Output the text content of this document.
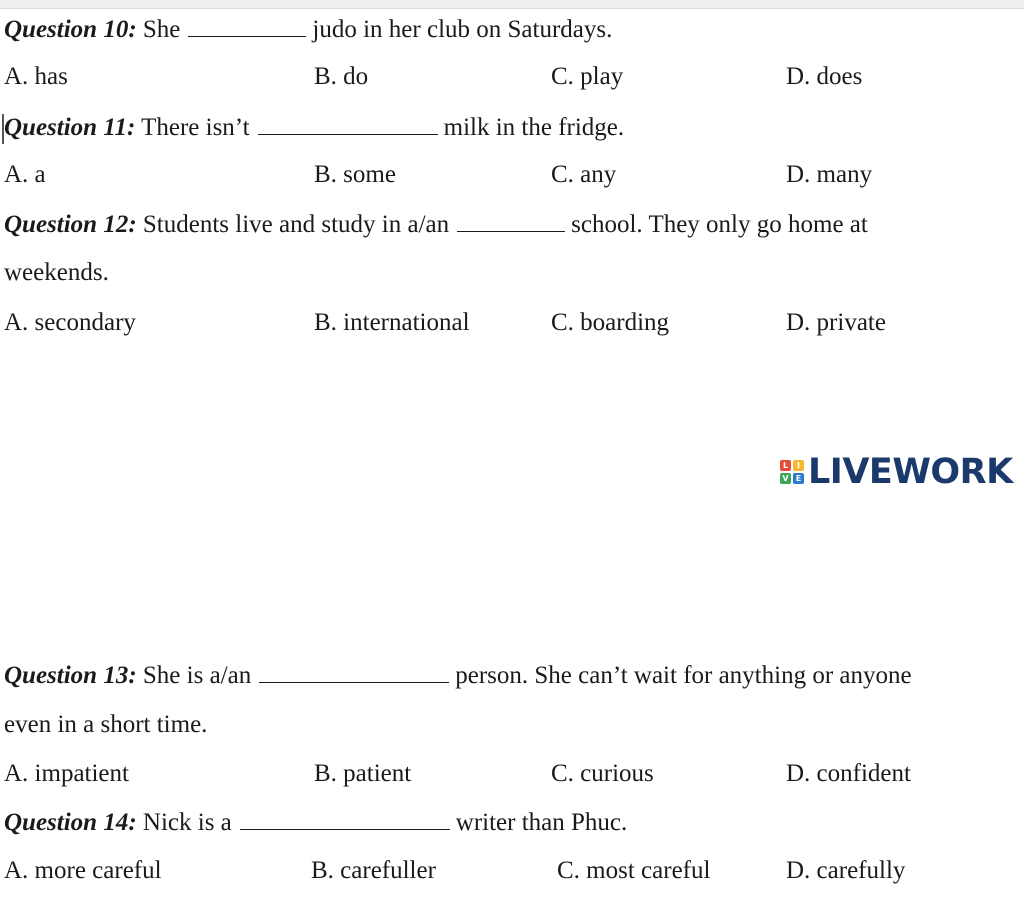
Question 10: She	judo in her club on Saturdays.
A. has	B. do	C. play	D. does
Question 11: There isn’t	milk in the fridge.
A. a	B. some	C. any	D. many
Question 12: Students live and study in a/an	school. They only go home at
weekends.
A. secondary	B. international	C. boarding	D. private
L	I
V E LIVEWORK
Question 13: She is a/an	person. She can’t wait for anything or anyone
even in a short time.
A. impatient	B. patient	C. curious	D. confident
Question 14: Nick is a	writer than Phuc.
A. more careful	B. carefuller	C. most careful	D. carefully
